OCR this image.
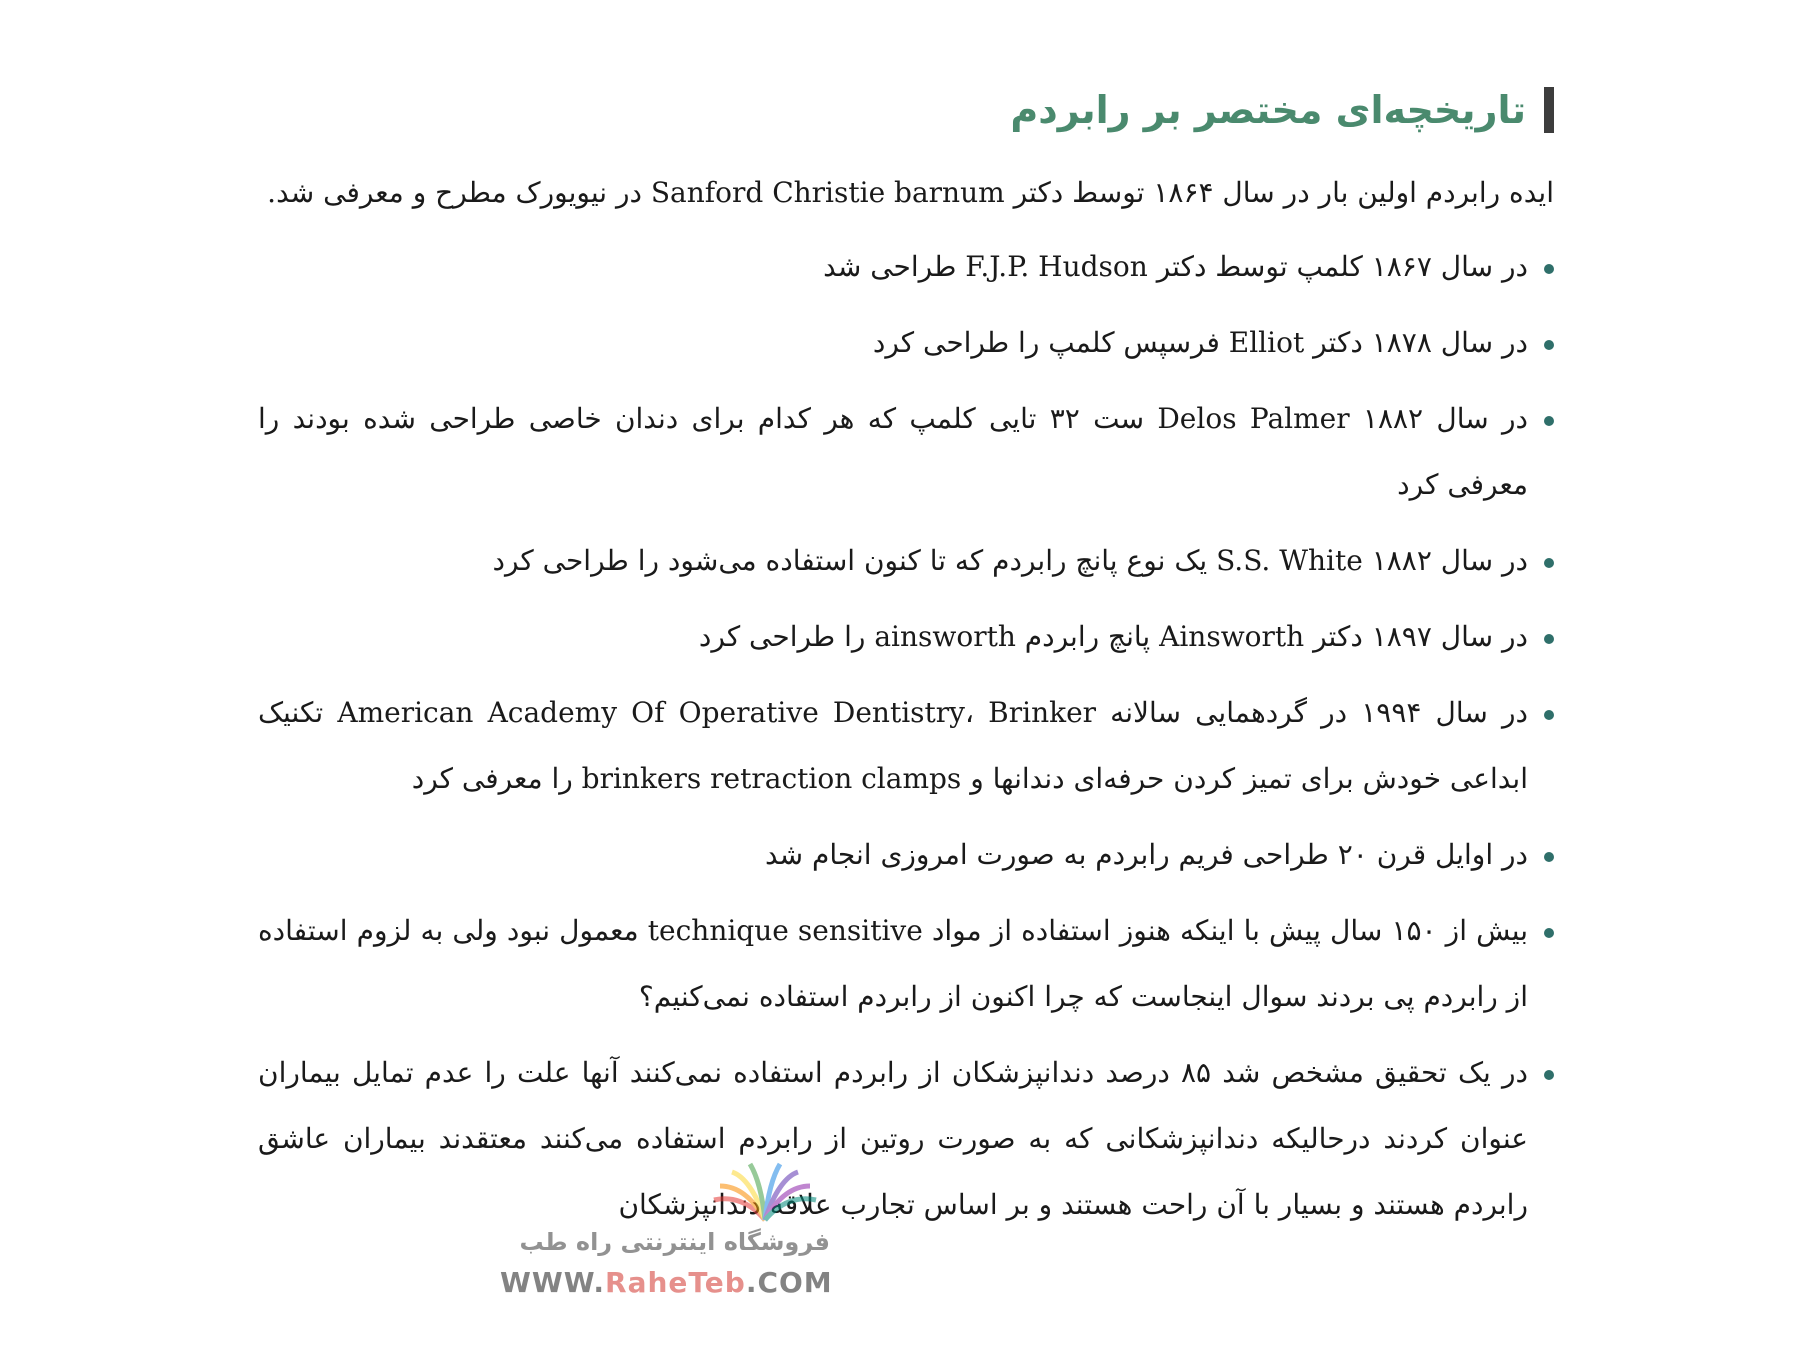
تاریخچه‌ای مختصر بر رابردم

ایده رابردم اولین بار در سال ۱۸۶۴ توسط دکتر Sanford Christie barnum در نیویورک مطرح و معرفی شد.

در سال ۱۸۶۷ کلمپ توسط دکتر F.J.P. Hudson طراحی شد
در سال ۱۸۷۸ دکتر Elliot فرسپس کلمپ را طراحی کرد
در سال ۱۸۸۲ Delos Palmer ست ۳۲ تایی کلمپ که هر کدام برای دندان خاصی طراحی شده بودند را معرفی کرد
در سال ۱۸۸۲ S.S. White یک نوع پانچ رابردم که تا کنون استفاده می‌شود را طراحی کرد
در سال ۱۸۹۷ دکتر Ainsworth پانچ رابردم ainsworth را طراحی کرد
در سال ۱۹۹۴ در گردهمایی سالانه American Academy Of Operative Dentistry، Brinker تکنیک ابداعی خودش برای تمیز کردن حرفه‌ای دندانها و brinkers retraction clamps را معرفی کرد
در اوایل قرن ۲۰ طراحی فریم رابردم به صورت امروزی انجام شد
بیش از ۱۵۰ سال پیش با اینکه هنوز استفاده از مواد technique sensitive معمول نبود ولی به لزوم استفاده از رابردم پی بردند سوال اینجاست که چرا اکنون از رابردم استفاده نمی‌کنیم؟
در یک تحقیق مشخص شد ۸۵ درصد دندانپزشکان از رابردم استفاده نمی‌کنند آنها علت را عدم تمایل بیماران عنوان کردند درحالیکه دندانپزشکانی که به صورت روتین از رابردم استفاده می‌کنند معتقدند بیماران عاشق رابردم هستند و بسیار با آن راحت هستند و بر اساس تجارب علاقه دندانپزشکان
فروشگاه اینترنتی راه طب
WWW.RaheTeb.COM
